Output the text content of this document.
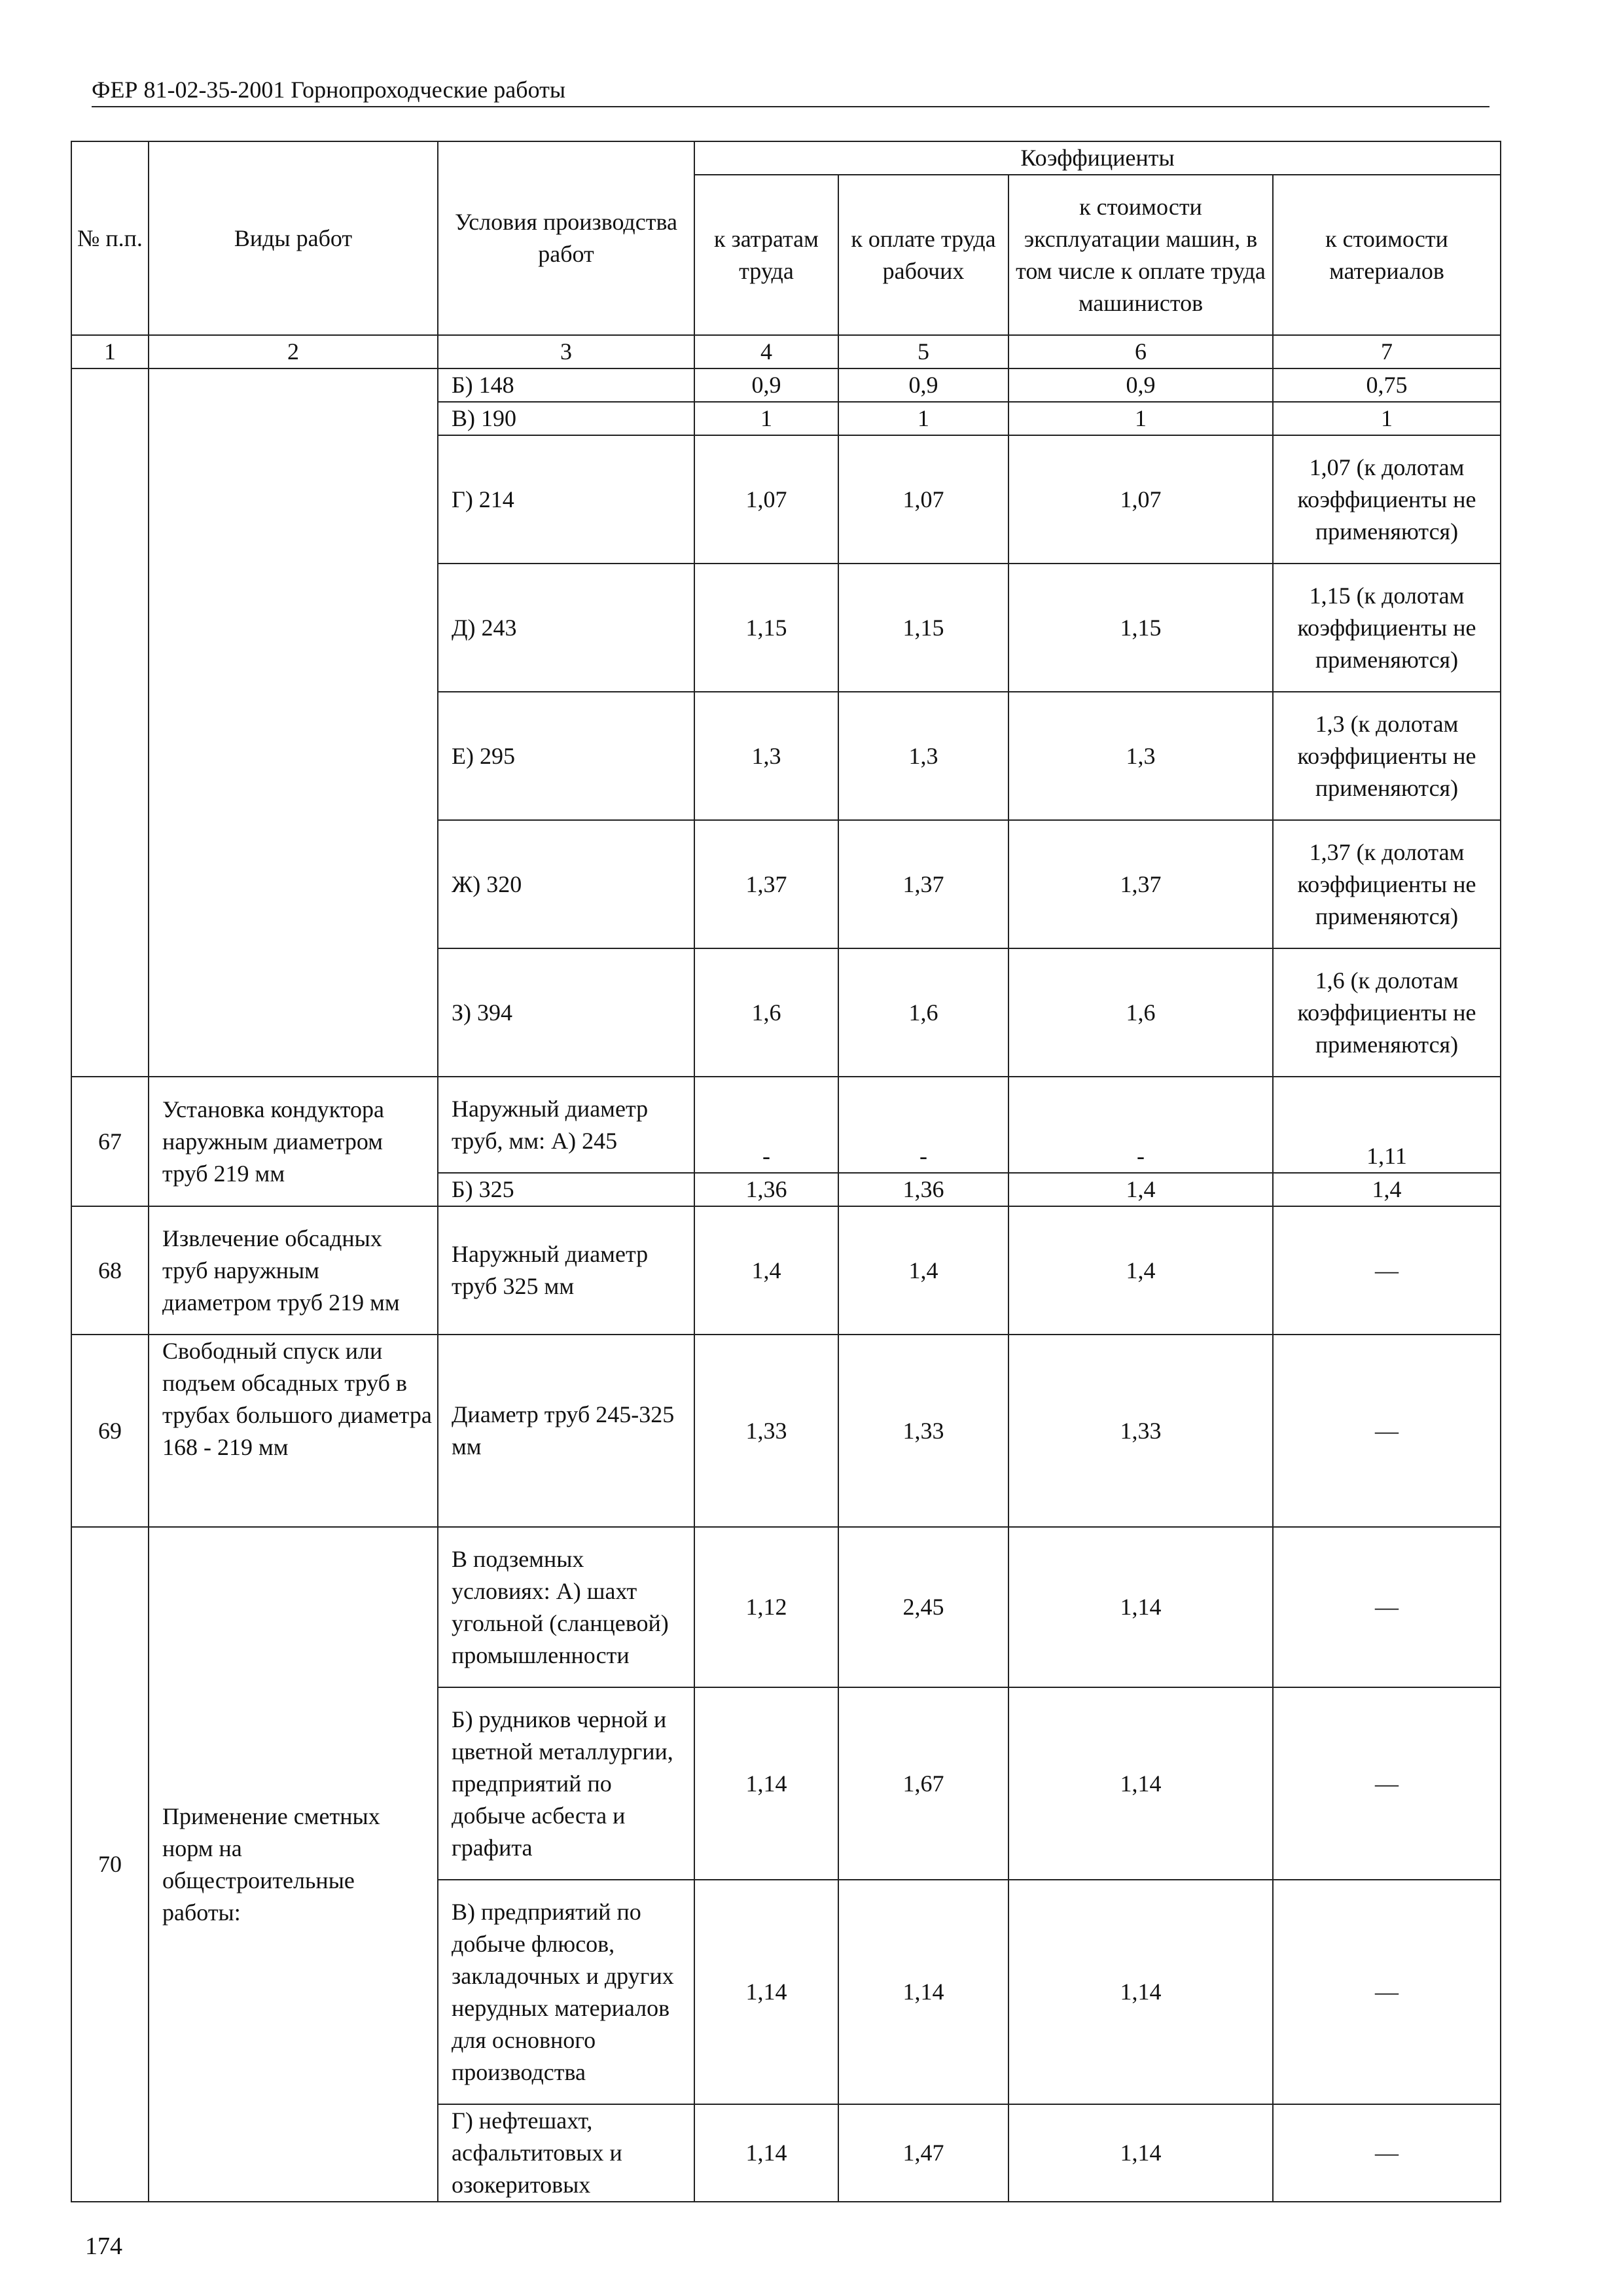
ФЕР 81-02-35-2001 Горнопроходческие работы
№ п.п.	Виды работ	Условия производства работ	Коэффициенты			
			к затратам труда	к оплате труда рабочих	к стоимости эксплуатации машин, в том числе к оплате труда машинистов	к стоимости материалов
1	2	3	4	5	6	7
		Б) 148	0,9	0,9	0,9	0,75
		В) 190	1	1	1	1
		Г) 214	1,07	1,07	1,07	1,07 (к долотам коэффициенты не применяются)
		Д) 243	1,15	1,15	1,15	1,15 (к долотам коэффициенты не применяются)
		Е) 295	1,3	1,3	1,3	1,3 (к долотам коэффициенты не применяются)
		Ж) 320	1,37	1,37	1,37	1,37 (к долотам коэффициенты не применяются)
		З) 394	1,6	1,6	1,6	1,6 (к долотам коэффициенты не применяются)
67	Установка кондуктора наружным диаметром труб 219 мм	Наружный диаметр труб, мм: А) 245	-	-	-	1,11
		Б) 325	1,36	1,36	1,4	1,4
68	Извлечение обсадных труб наружным диаметром труб 219 мм	Наружный диаметр труб 325 мм	1,4	1,4	1,4	—
69	Свободный спуск или подъем обсадных труб в трубах большого диаметра 168 - 219 мм	Диаметр труб 245-325 мм	1,33	1,33	1,33	—
70	Применение сметных норм на общестроительные работы:	В подземных условиях: А) шахт угольной (сланцевой) промышленности	1,12	2,45	1,14	—
		Б) рудников черной и цветной металлургии, предприятий по добыче асбеста и графита	1,14	1,67	1,14	—
		В) предприятий по добыче флюсов, закладочных и других нерудных материалов для основного производства	1,14	1,14	1,14	—
		Г) нефтешахт, асфальтитовых и озокеритовых	1,14	1,47	1,14	—
174
